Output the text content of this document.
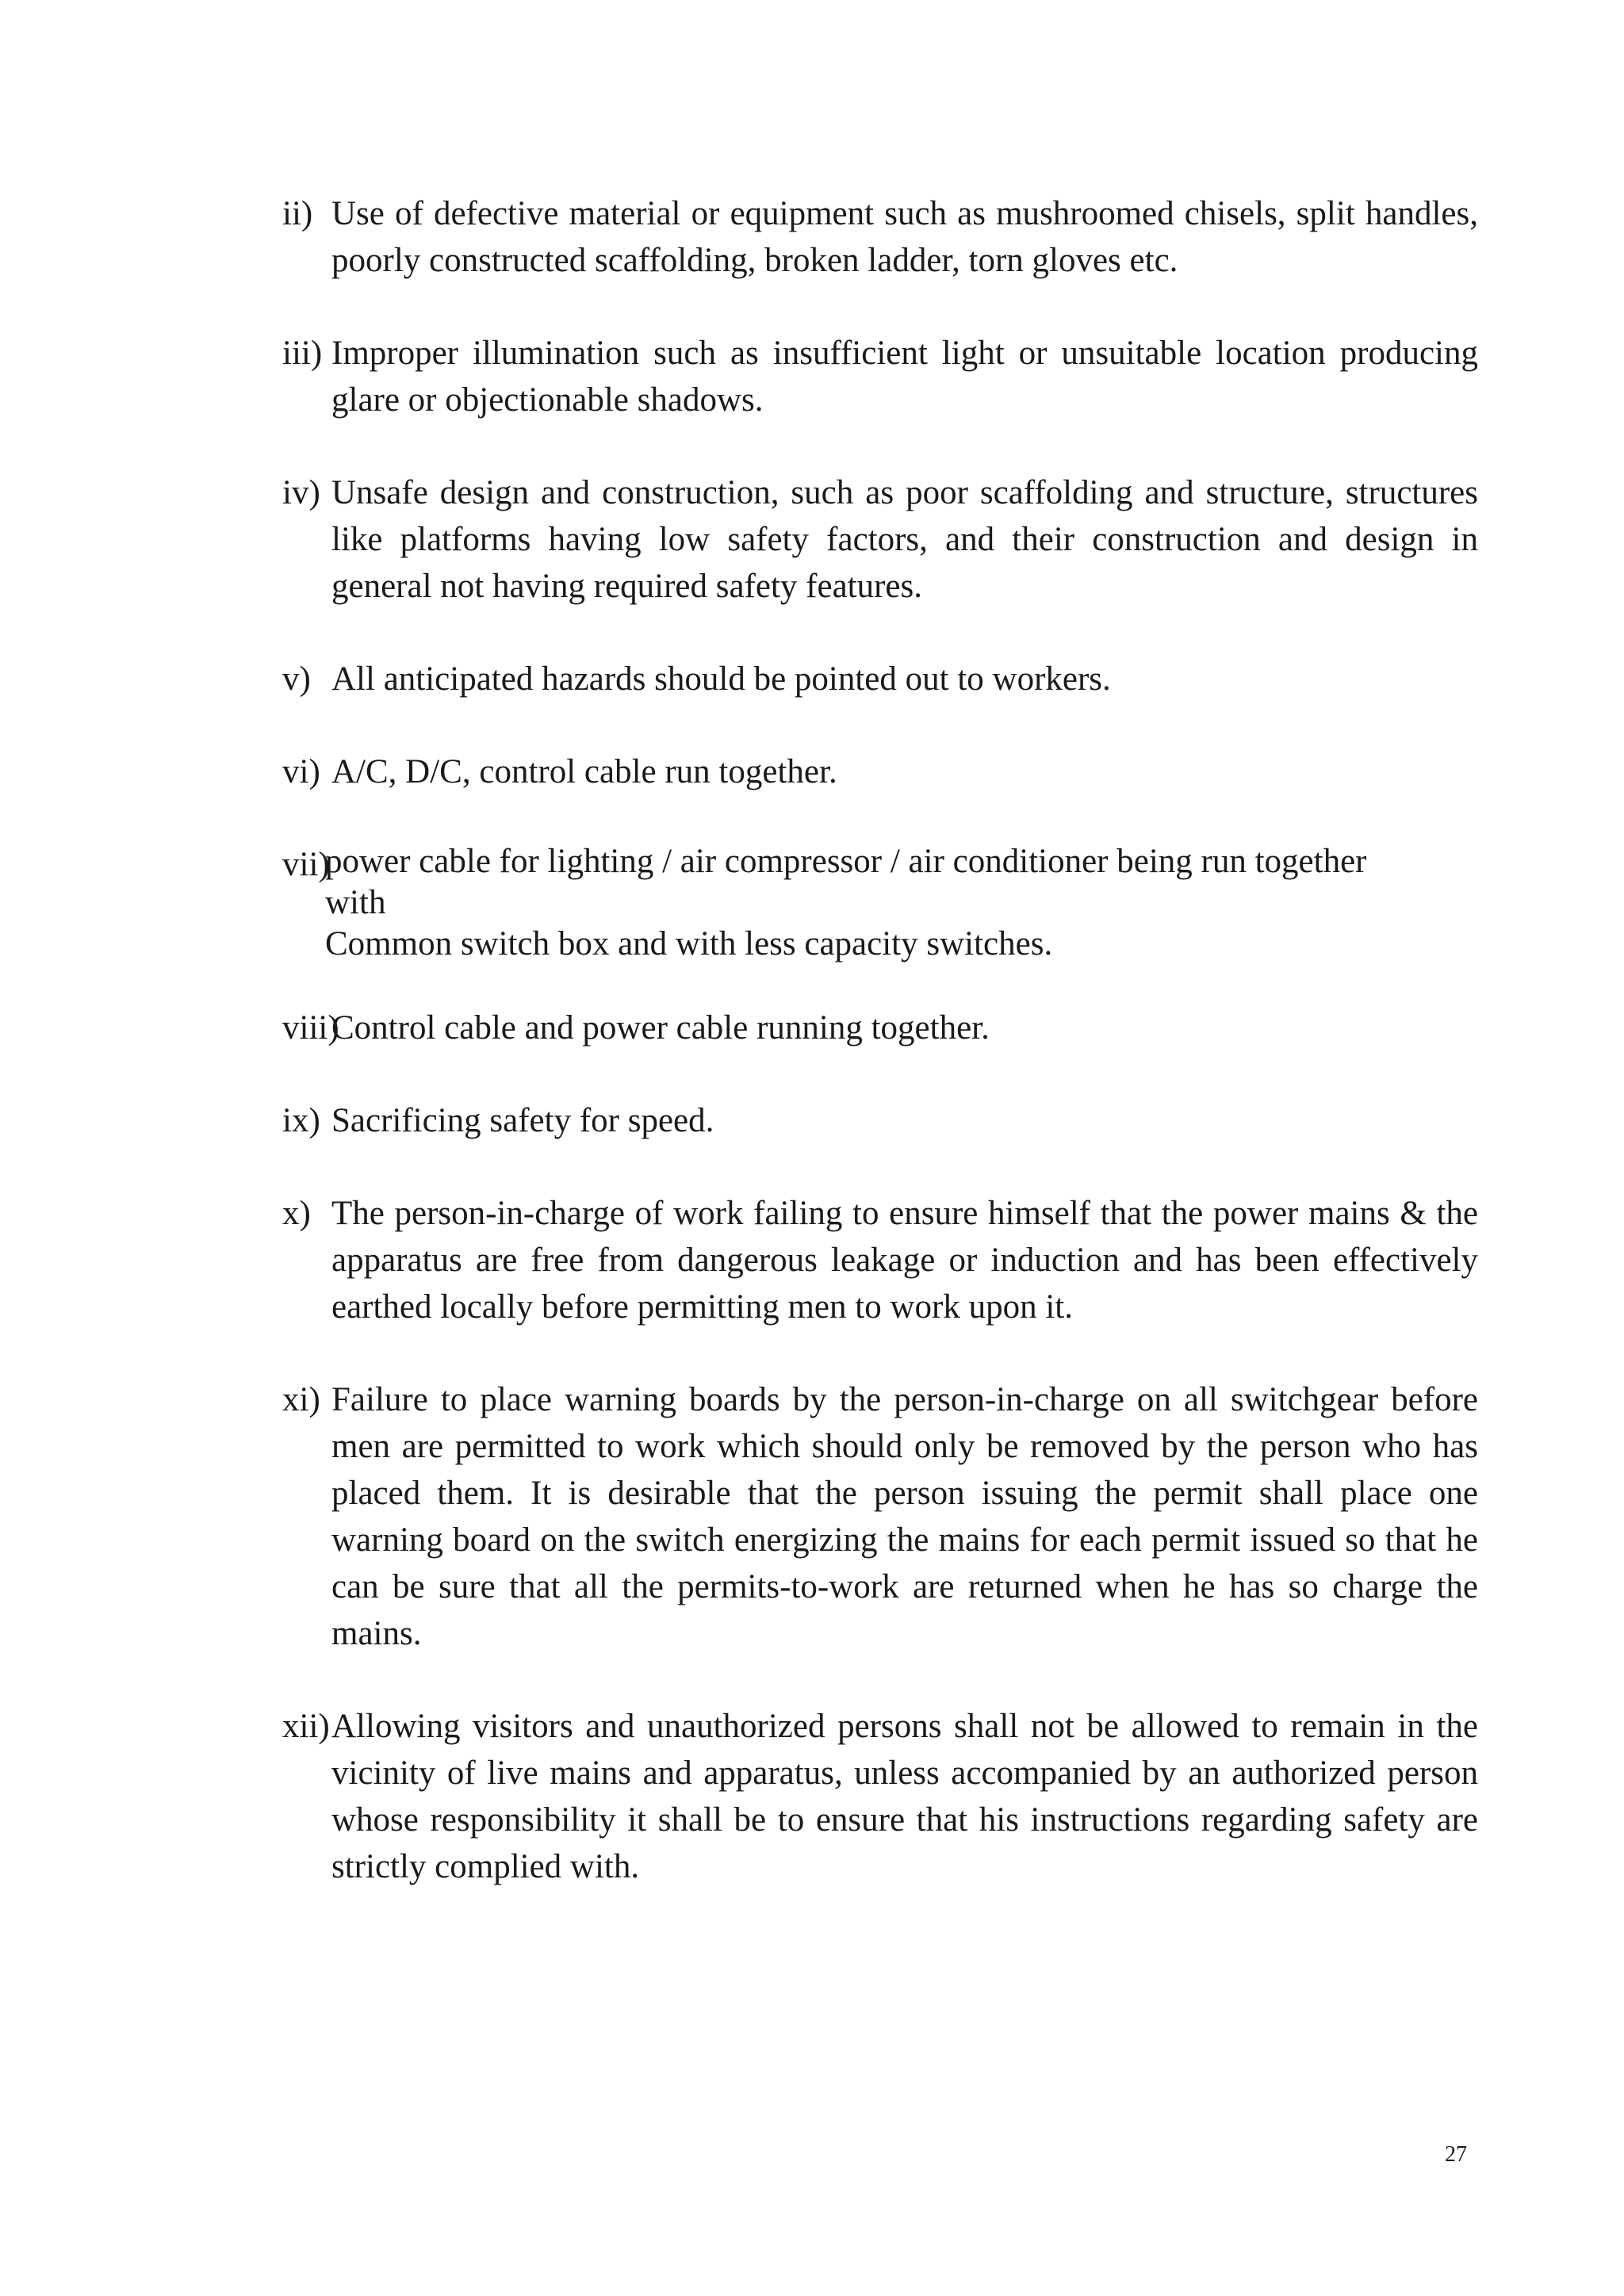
ii) Use of defective material or equipment such as mushroomed chisels, split handles, poorly constructed scaffolding, broken ladder, torn gloves etc.
iii) Improper illumination such as insufficient light or unsuitable location producing glare or objectionable shadows.
iv) Unsafe design and construction, such as poor scaffolding and structure, structures like platforms having low safety factors, and their construction and design in general not having required safety features.
v) All anticipated hazards should be pointed out to workers.
vi) A/C, D/C, control cable run together.
vii)
power cable for lighting / air compressor / air conditioner being run together
with
Common switch box and with less capacity switches.
viii)
Control cable and power cable running together.
ix) Sacrificing safety for speed.
x) The person-in-charge of work failing to ensure himself that the power mains & the apparatus are free from dangerous leakage or induction and has been effectively earthed locally before permitting men to work upon it.
xi) Failure to place warning boards by the person-in-charge on all switchgear before men are permitted to work which should only be removed by the person who has placed them. It is desirable that the person issuing the permit shall place one warning board on the switch energizing the mains for each permit issued so that he can be sure that all the permits-to-work are returned when he has so charge the mains.
xii) Allowing visitors and unauthorized persons shall not be allowed to remain in the vicinity of live mains and apparatus, unless accompanied by an authorized person whose responsibility it shall be to ensure that his instructions regarding safety are strictly complied with.
27
